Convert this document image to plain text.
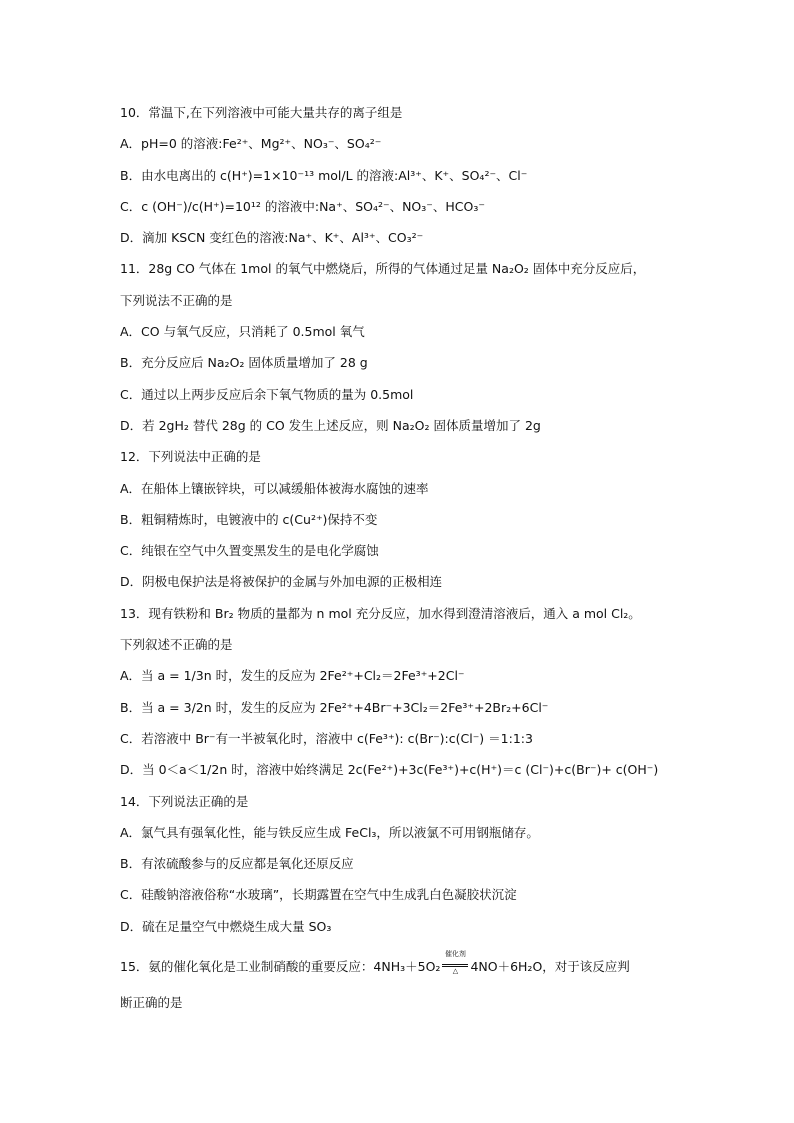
10．常温下,在下列溶液中可能大量共存的离子组是
A．pH=0 的溶液:Fe²⁺、Mg²⁺、NO₃⁻、SO₄²⁻
B．由水电离出的 c(H⁺)=1×10⁻¹³ mol/L 的溶液:Al³⁺、K⁺、SO₄²⁻、Cl⁻
C．c (OH⁻)/c(H⁺)=10¹² 的溶液中:Na⁺、SO₄²⁻、NO₃⁻、HCO₃⁻
D．滴加 KSCN 变红色的溶液:Na⁺、K⁺、Al³⁺、CO₃²⁻
11．28g CO 气体在 1mol 的氧气中燃烧后，所得的气体通过足量 Na₂O₂ 固体中充分反应后，
下列说法不正确的是
A．CO 与氧气反应，只消耗了 0.5mol 氧气
B．充分反应后 Na₂O₂ 固体质量增加了 28 g
C．通过以上两步反应后余下氧气物质的量为 0.5mol
D．若 2gH₂ 替代 28g 的 CO 发生上述反应，则 Na₂O₂ 固体质量增加了 2g
12．下列说法中正确的是
A．在船体上镶嵌锌块，可以减缓船体被海水腐蚀的速率
B．粗铜精炼时，电镀液中的 c(Cu²⁺)保持不变
C．纯银在空气中久置变黑发生的是电化学腐蚀
D．阴极电保护法是将被保护的金属与外加电源的正极相连
13．现有铁粉和 Br₂ 物质的量都为 n mol 充分反应，加水得到澄清溶液后，通入 a mol Cl₂。
下列叙述不正确的是
A．当 a = 1/3n 时，发生的反应为 2Fe²⁺+Cl₂＝2Fe³⁺+2Cl⁻
B．当 a = 3/2n 时，发生的反应为 2Fe²⁺+4Br⁻+3Cl₂＝2Fe³⁺+2Br₂+6Cl⁻
C．若溶液中 Br⁻有一半被氧化时，溶液中 c(Fe³⁺): c(Br⁻):c(Cl⁻) ＝1:1:3
D．当 0＜a＜1/2n 时，溶液中始终满足 2c(Fe²⁺)+3c(Fe³⁺)+c(H⁺)＝c (Cl⁻)+c(Br⁻)+ c(OH⁻)
14．下列说法正确的是
A．氯气具有强氧化性，能与铁反应生成 FeCl₃，所以液氯不可用钢瓶储存。
B．有浓硫酸参与的反应都是氧化还原反应
C．硅酸钠溶液俗称“水玻璃”，长期露置在空气中生成乳白色凝胶状沉淀
D．硫在足量空气中燃烧生成大量 SO₃
15．氨的催化氧化是工业制硝酸的重要反应：4NH₃＋5O₂
催化剂
△ 4NO＋6H₂O，对于该反应判
断正确的是
